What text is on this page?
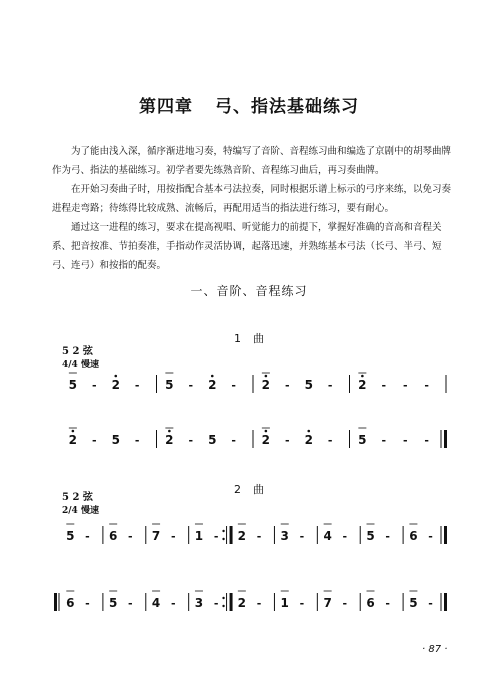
第四章 弓、指法基础练习

为了能由浅入深，循序渐进地习奏，特编写了音阶、音程练习曲和编选了京剧中的胡琴曲牌作为弓、指法的基础练习。初学者要先练熟音阶、音程练习曲后，再习奏曲牌。

在开始习奏曲子时，用按指配合基本弓法拉奏，同时根据乐谱上标示的弓序来练，以免习奏进程走弯路；待练得比较成熟、流畅后，再配用适当的指法进行练习，要有耐心。

通过这一进程的练习，要求在提高视唱、听觉能力的前提下，掌握好准确的音高和音程关系、把音按准、节拍奏准，手指动作灵活协调，起落迅速，并熟练基本弓法（长弓、半弓、短弓、连弓）和按指的配奏。

一、音阶、音程练习
1 曲
5 2 弦
4/4 慢速
5 - 2 - 5 - 2 - 2 - 5 - 2 - - -
2 - 5 - 2 - 5 - 2 - 2 - 5 - - -
2 曲
5 2 弦
2/4 慢速
5 - 6 - 7 - 1 - 2 - 3 - 4 - 5 - 6 -
6 - 5 - 4 - 3 - 2 - 1 - 7 - 6 - 5 -
· 87 ·
